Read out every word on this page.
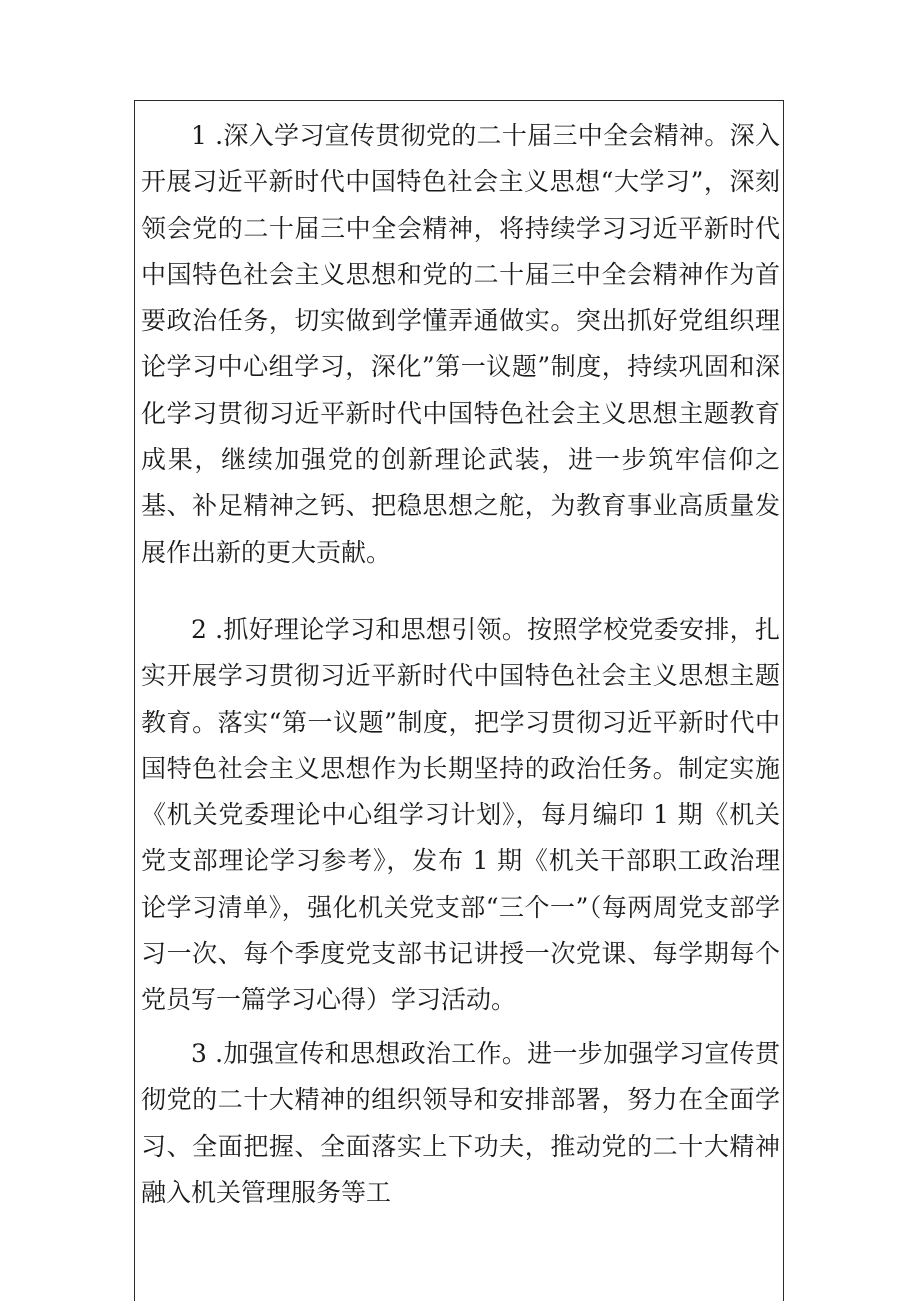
1 .深入学习宣传贯彻党的二十届三中全会精神。深入开展习近平新时代中国特色社会主义思想“大学习”，深刻领会党的二十届三中全会精神，将持续学习习近平新时代中国特色社会主义思想和党的二十届三中全会精神作为首要政治任务，切实做到学懂弄通做实。突出抓好党组织理论学习中心组学习，深化”第一议题”制度，持续巩固和深化学习贯彻习近平新时代中国特色社会主义思想主题教育成果，继续加强党的创新理论武装，进一步筑牢信仰之基、补足精神之钙、把稳思想之舵，为教育事业高质量发展作出新的更大贡献。

2 .抓好理论学习和思想引领。按照学校党委安排，扎实开展学习贯彻习近平新时代中国特色社会主义思想主题教育。落实“第一议题”制度，把学习贯彻习近平新时代中国特色社会主义思想作为长期坚持的政治任务。制定实施《机关党委理论中心组学习计划》，每月编印 1 期《机关党支部理论学习参考》，发布 1 期《机关干部职工政治理论学习清单》，强化机关党支部“三个一”（每两周党支部学习一次、每个季度党支部书记讲授一次党课、每学期每个党员写一篇学习心得）学习活动。

3 .加强宣传和思想政治工作。进一步加强学习宣传贯彻党的二十大精神的组织领导和安排部署，努力在全面学习、全面把握、全面落实上下功夫，推动党的二十大精神融入机关管理服务等工
